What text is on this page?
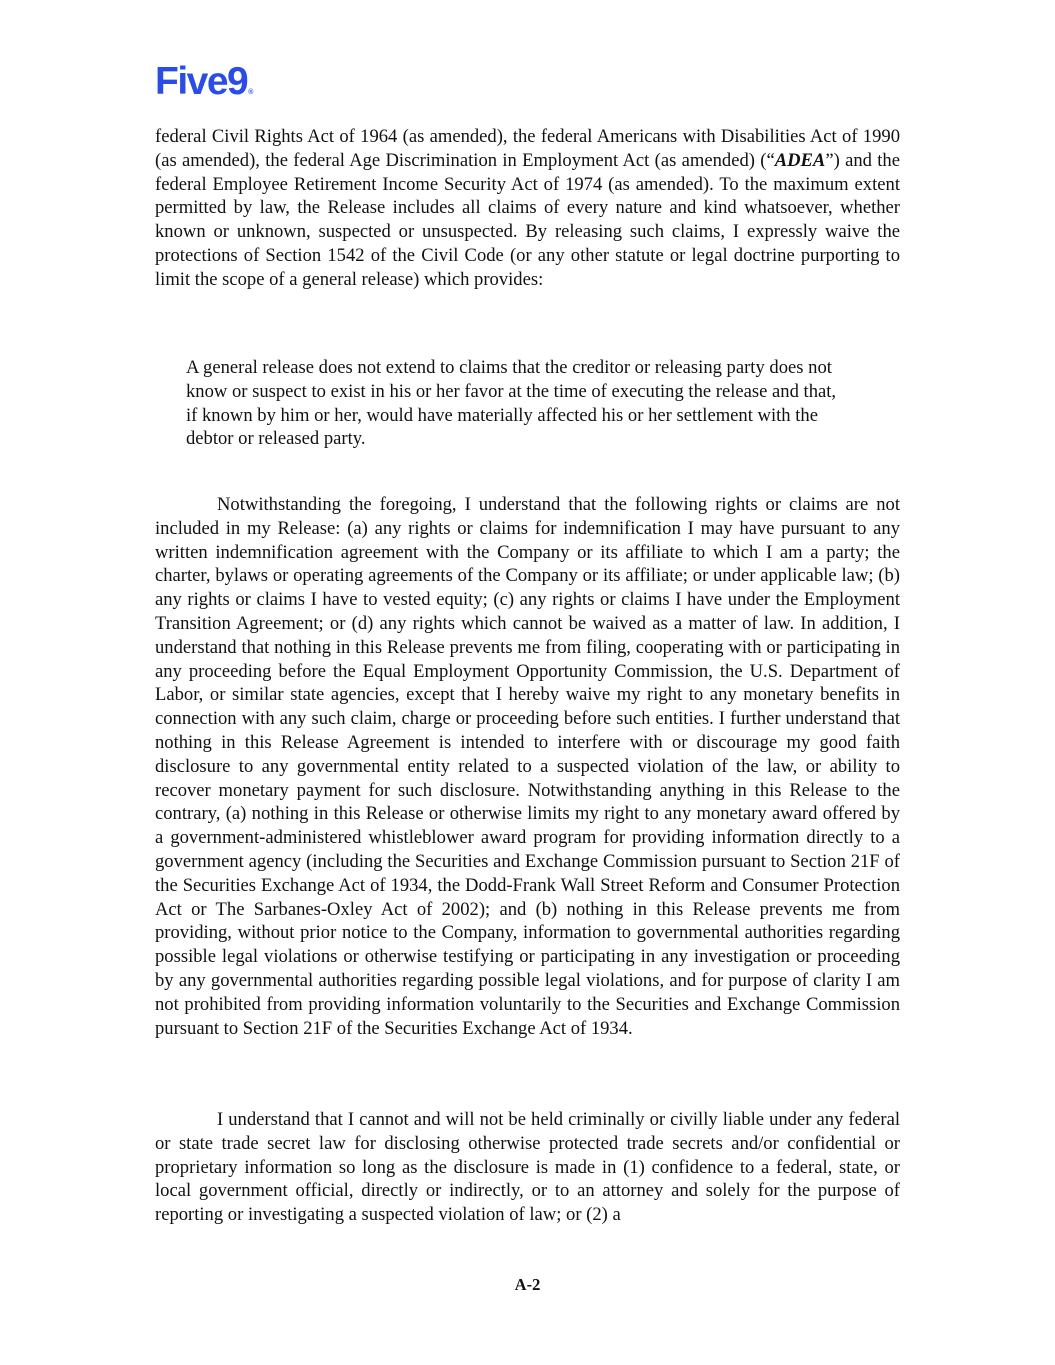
Five9®

federal Civil Rights Act of 1964 (as amended), the federal Americans with Disabilities Act of 1990 (as amended), the federal Age Discrimination in Employment Act (as amended) (“ADEA”) and the federal Employee Retirement Income Security Act of 1974 (as amended). To the maximum extent permitted by law, the Release includes all claims of every nature and kind whatsoever, whether known or unknown, suspected or unsuspected. By releasing such claims, I expressly waive the protections of Section 1542 of the Civil Code (or any other statute or legal doctrine purporting to limit the scope of a general release) which provides:

A general release does not extend to claims that the creditor or releasing party does not know or suspect to exist in his or her favor at the time of executing the release and that, if known by him or her, would have materially affected his or her settlement with the debtor or released party.

Notwithstanding the foregoing, I understand that the following rights or claims are not included in my Release: (a) any rights or claims for indemnification I may have pursuant to any written indemnification agreement with the Company or its affiliate to which I am a party; the charter, bylaws or operating agreements of the Company or its affiliate; or under applicable law; (b) any rights or claims I have to vested equity; (c) any rights or claims I have under the Employment Transition Agreement; or (d) any rights which cannot be waived as a matter of law. In addition, I understand that nothing in this Release prevents me from filing, cooperating with or participating in any proceeding before the Equal Employment Opportunity Commission, the U.S. Department of Labor, or similar state agencies, except that I hereby waive my right to any monetary benefits in connection with any such claim, charge or proceeding before such entities. I further understand that nothing in this Release Agreement is intended to interfere with or discourage my good faith disclosure to any governmental entity related to a suspected violation of the law, or ability to recover monetary payment for such disclosure. Notwithstanding anything in this Release to the contrary, (a) nothing in this Release or otherwise limits my right to any monetary award offered by a government-administered whistleblower award program for providing information directly to a government agency (including the Securities and Exchange Commission pursuant to Section 21F of the Securities Exchange Act of 1934, the Dodd-Frank Wall Street Reform and Consumer Protection Act or The Sarbanes-Oxley Act of 2002); and (b) nothing in this Release prevents me from providing, without prior notice to the Company, information to governmental authorities regarding possible legal violations or otherwise testifying or participating in any investigation or proceeding by any governmental authorities regarding possible legal violations, and for purpose of clarity I am not prohibited from providing information voluntarily to the Securities and Exchange Commission pursuant to Section 21F of the Securities Exchange Act of 1934.

I understand that I cannot and will not be held criminally or civilly liable under any federal or state trade secret law for disclosing otherwise protected trade secrets and/or confidential or proprietary information so long as the disclosure is made in (1) confidence to a federal, state, or local government official, directly or indirectly, or to an attorney and solely for the purpose of reporting or investigating a suspected violation of law; or (2) a

A-2
